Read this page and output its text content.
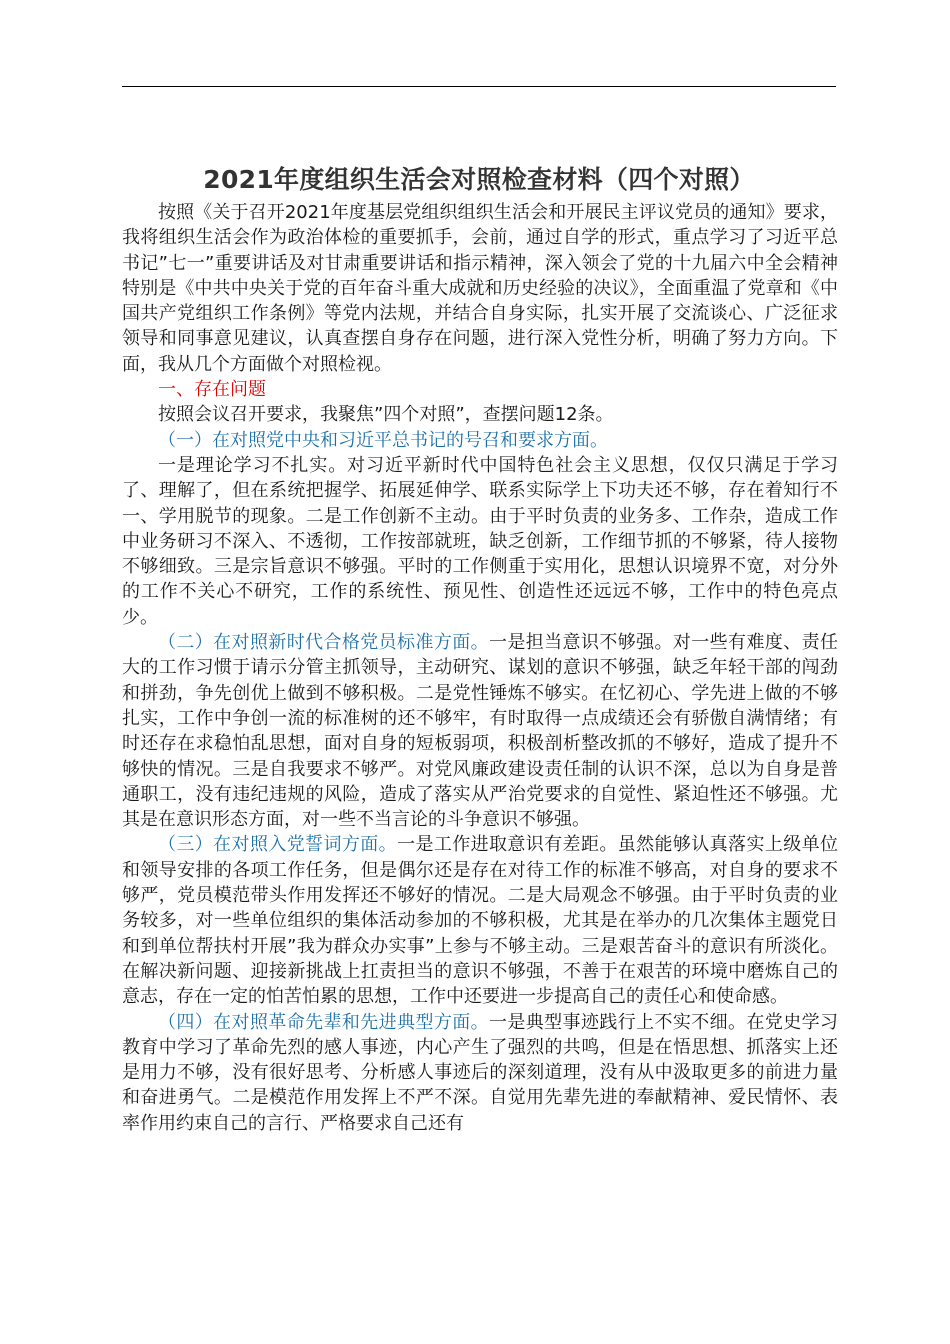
2021年度组织生活会对照检查材料（四个对照）

按照《关于召开2021年度基层党组织组织生活会和开展民主评议党员的通知》要求，我将组织生活会作为政治体检的重要抓手，会前，通过自学的形式，重点学习了习近平总书记”七一”重要讲话及对甘肃重要讲话和指示精神，深入领会了党的十九届六中全会精神特别是《中共中央关于党的百年奋斗重大成就和历史经验的决议》，全面重温了党章和《中国共产党组织工作条例》等党内法规，并结合自身实际，扎实开展了交流谈心、广泛征求领导和同事意见建议，认真查摆自身存在问题，进行深入党性分析，明确了努力方向。下面，我从几个方面做个对照检视。

一、存在问题

按照会议召开要求，我聚焦”四个对照”，查摆问题12条。

（一）在对照党中央和习近平总书记的号召和要求方面。

一是理论学习不扎实。对习近平新时代中国特色社会主义思想，仅仅只满足于学习了、理解了，但在系统把握学、拓展延伸学、联系实际学上下功夫还不够，存在着知行不一、学用脱节的现象。二是工作创新不主动。由于平时负责的业务多、工作杂，造成工作中业务研习不深入、不透彻，工作按部就班，缺乏创新，工作细节抓的不够紧，待人接物不够细致。三是宗旨意识不够强。平时的工作侧重于实用化，思想认识境界不宽，对分外的工作不关心不研究，工作的系统性、预见性、创造性还远远不够，工作中的特色亮点少。

（二）在对照新时代合格党员标准方面。一是担当意识不够强。对一些有难度、责任大的工作习惯于请示分管主抓领导，主动研究、谋划的意识不够强，缺乏年轻干部的闯劲和拼劲，争先创优上做到不够积极。二是党性锤炼不够实。在忆初心、学先进上做的不够扎实，工作中争创一流的标准树的还不够牢，有时取得一点成绩还会有骄傲自满情绪；有时还存在求稳怕乱思想，面对自身的短板弱项，积极剖析整改抓的不够好，造成了提升不够快的情况。三是自我要求不够严。对党风廉政建设责任制的认识不深，总以为自身是普通职工，没有违纪违规的风险，造成了落实从严治党要求的自觉性、紧迫性还不够强。尤其是在意识形态方面，对一些不当言论的斗争意识不够强。

（三）在对照入党誓词方面。一是工作进取意识有差距。虽然能够认真落实上级单位和领导安排的各项工作任务，但是偶尔还是存在对待工作的标准不够高，对自身的要求不够严，党员模范带头作用发挥还不够好的情况。二是大局观念不够强。由于平时负责的业务较多，对一些单位组织的集体活动参加的不够积极，尤其是在举办的几次集体主题党日和到单位帮扶村开展”我为群众办实事”上参与不够主动。三是艰苦奋斗的意识有所淡化。在解决新问题、迎接新挑战上扛责担当的意识不够强，不善于在艰苦的环境中磨炼自己的意志，存在一定的怕苦怕累的思想，工作中还要进一步提高自己的责任心和使命感。

（四）在对照革命先辈和先进典型方面。一是典型事迹践行上不实不细。在党史学习教育中学习了革命先烈的感人事迹，内心产生了强烈的共鸣，但是在悟思想、抓落实上还是用力不够，没有很好思考、分析感人事迹后的深刻道理，没有从中汲取更多的前进力量和奋进勇气。二是模范作用发挥上不严不深。自觉用先辈先进的奉献精神、爱民情怀、表率作用约束自己的言行、严格要求自己还有
